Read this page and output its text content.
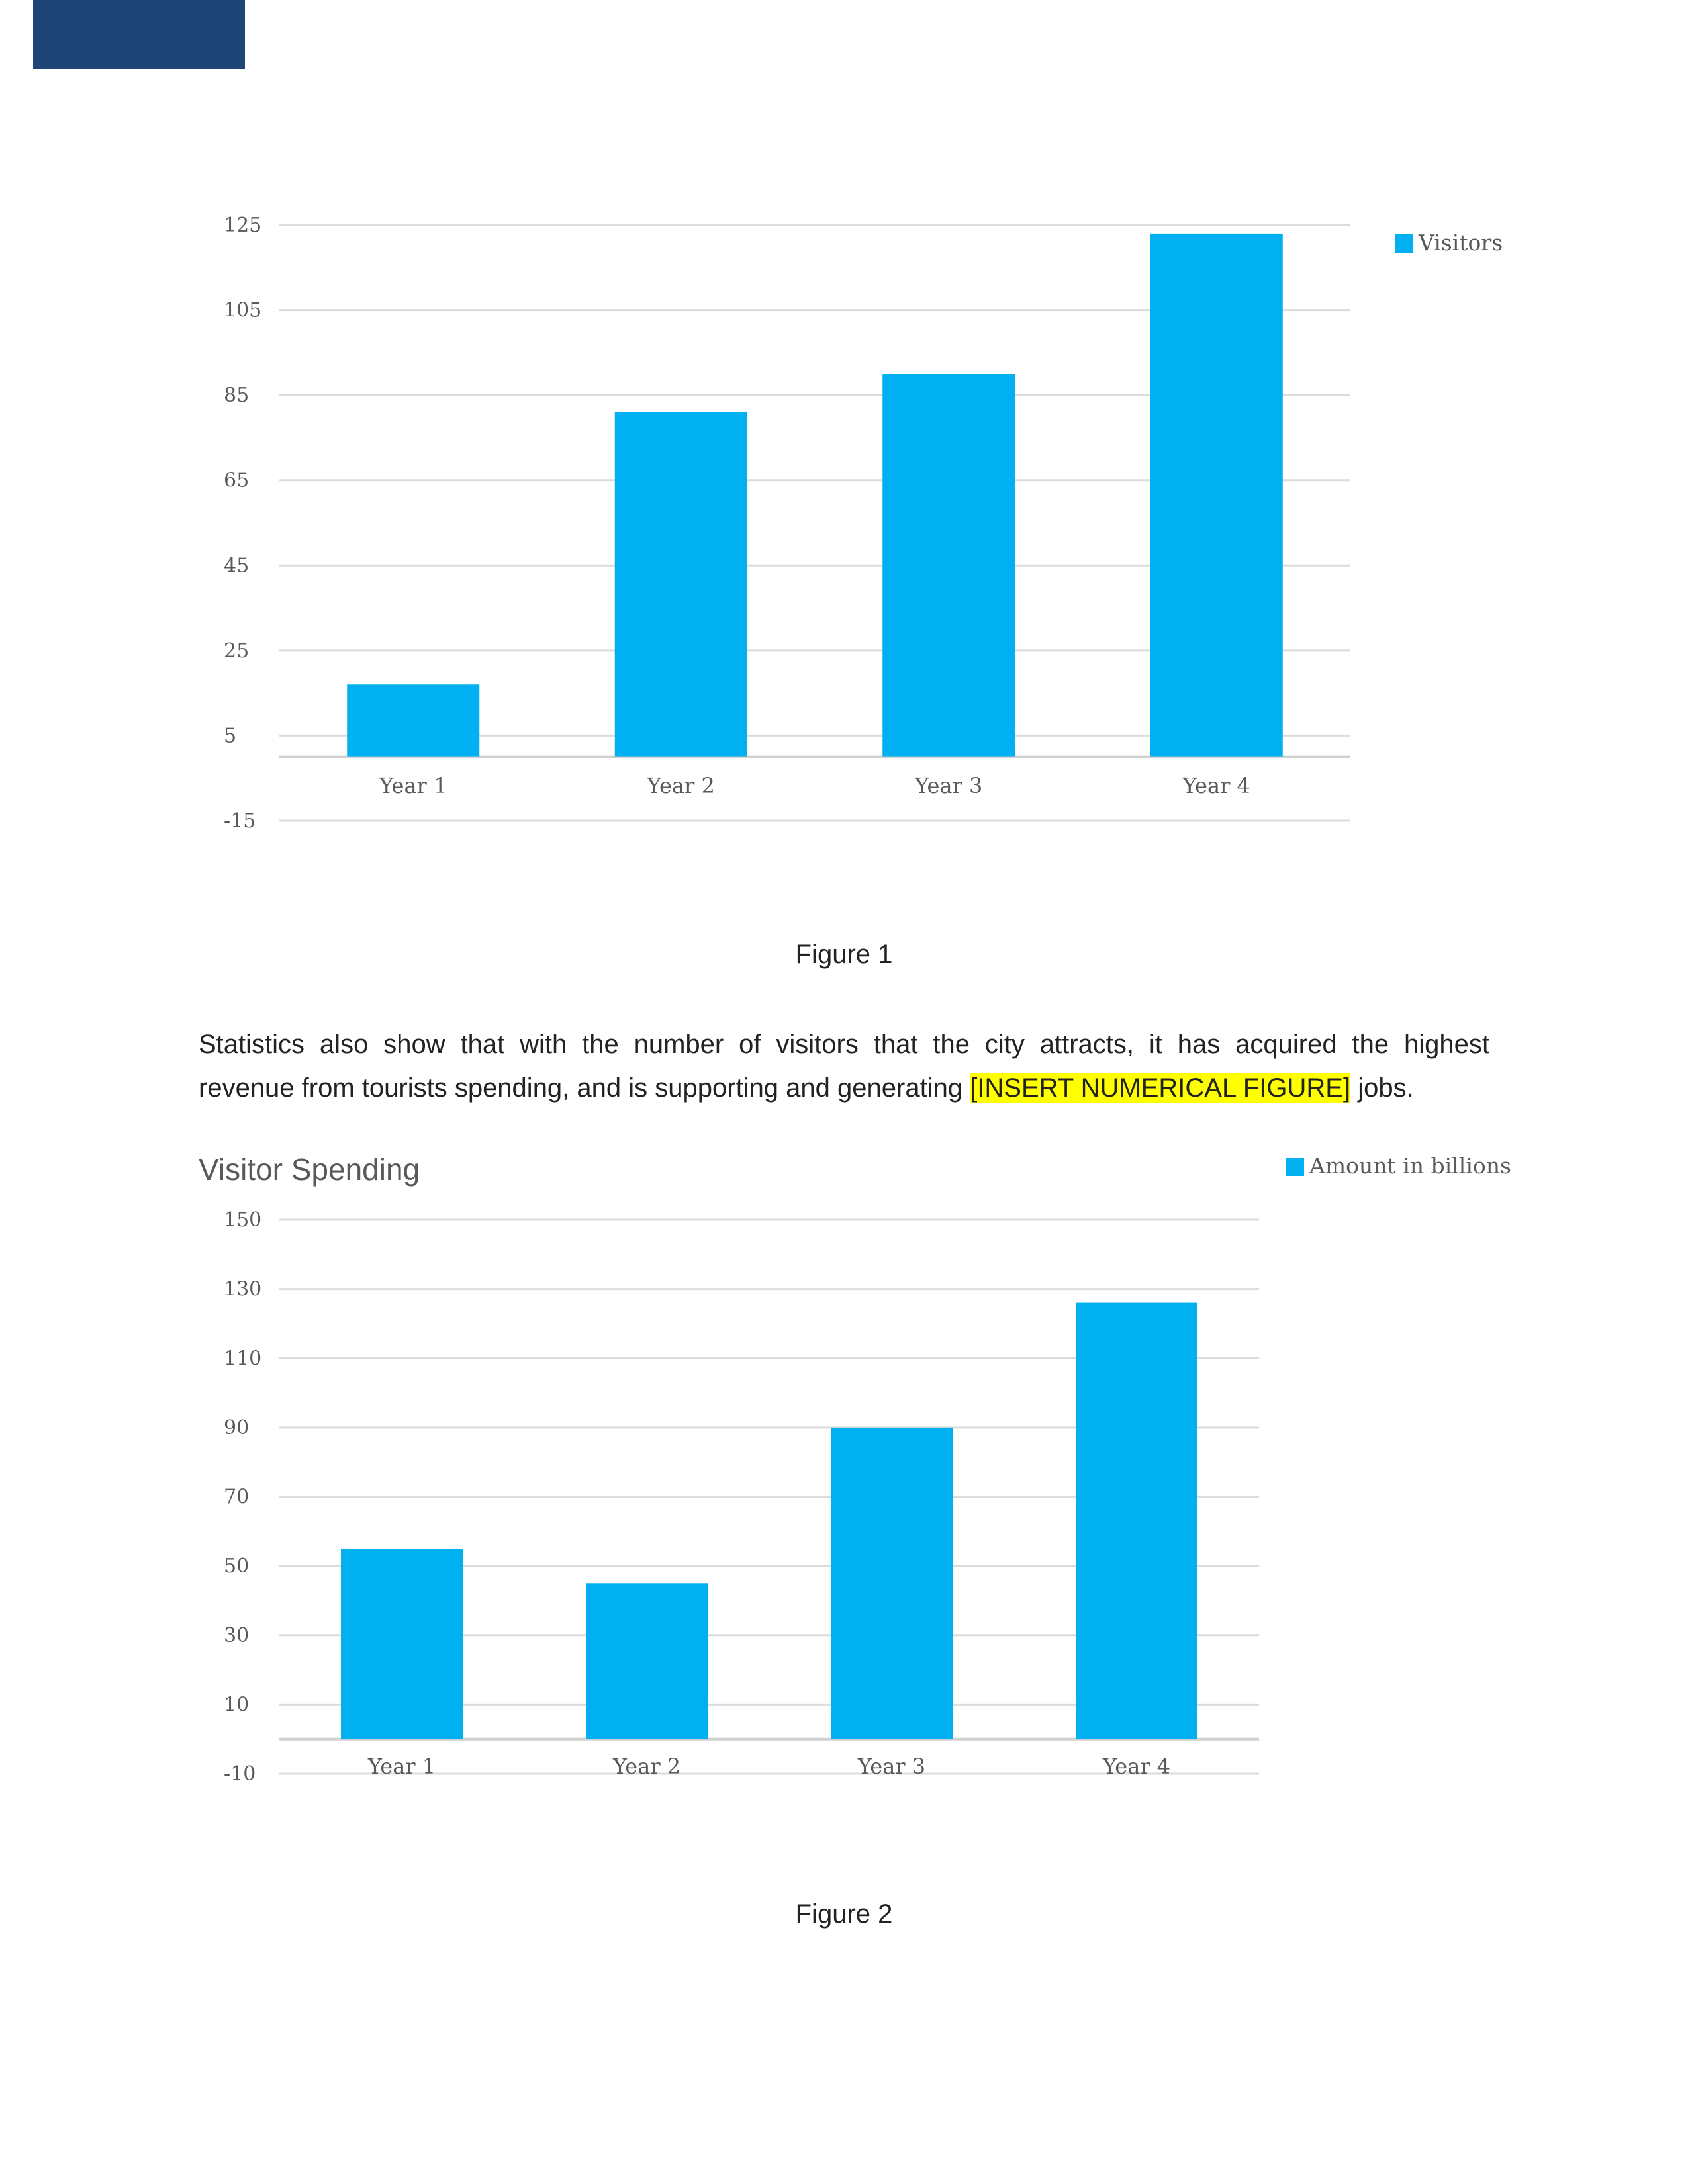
125
105
85
65
45
25
5
-15
Year 1	Year 2	Year 3	Year 4
Visitors
Figure 1
Statistics also show that with the number of visitors that the city attracts, it has acquired the highest
revenue from tourists spending, and is supporting and generating [INSERT NUMERICAL FIGURE] jobs.
150
130
110
90
70
50
30
10
-10	Year 1	Year 2	Year 3	Year 4
Amount in billions
Visitor Spending
Figure 2
